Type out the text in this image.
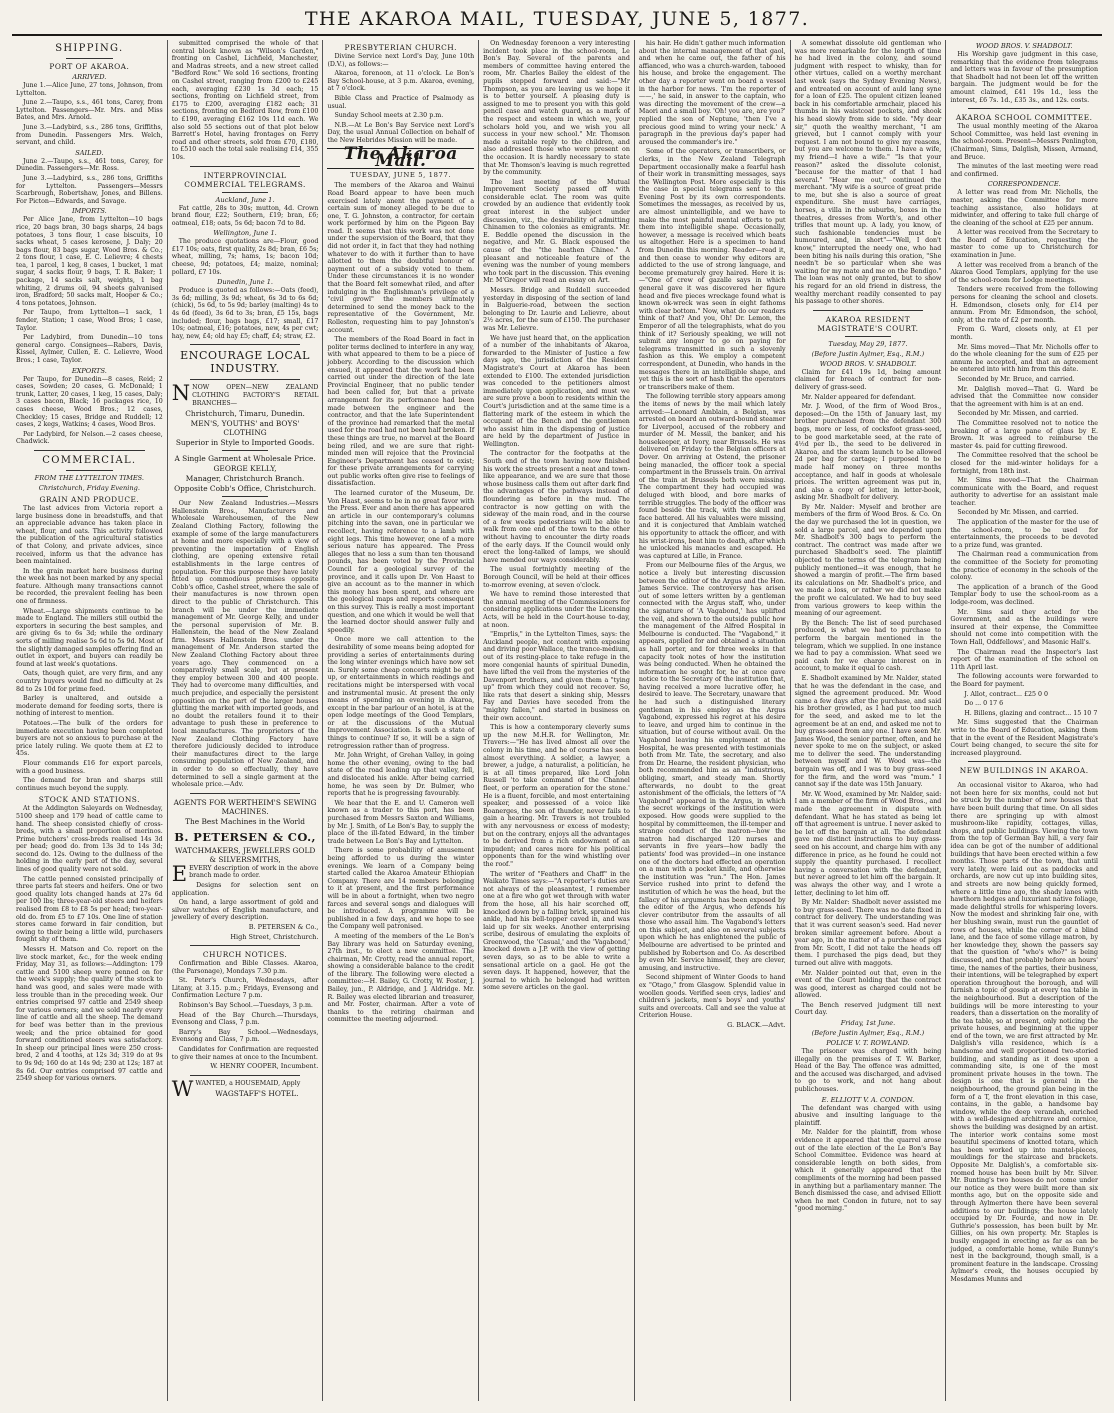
THE AKAROA MAIL, TUESDAY, JUNE 5, 1877.
SHIPPING.
PORT OF AKAROA.
ARRIVED.

June 1.—Alice June, 27 tons, Johnson, from Lyttelton.

June 2.—Taupo, s.s., 461 tons, Carey, from Lyttelton. Passengers—Mr. Mrs. and Miss Bates, and Mrs. Arnold.

June 3.—Ladybird, s.s., 286 tons, Griffiths, from Dunedin. Passengers Mrs. Welch, servant, and child.

SAILED.

June 2.—Taupo, s.s., 461 tons, Carey, for Dunedin. Passengers—Mr. Ross.

June 3.—Ladybird, s.s., 286 tons, Griffiths for Lyttelton. Passengers—Messrs Scarbrough, Robertshaw, Jones, and Billens. For Picton—Edwards, and Savage.

IMPORTS.

Per Alice Jane, from Lyttelton—10 bags rice, 20 bags bran, 30 bags sharps, 24 bags potatoes, 3 tons flour, 1 case biscuits, 10 sacks wheat, 5 cases kerosene, J. Daly; 20 bags flour, 83 bags sugar, Wood Bros. & Co.; 2 tons flour, 1 case, E. C. Lelievre; 4 chests tea, 1 parcel, 1 keg, 8 cases, 1 bucket, 1 mat sugar, 4 sacks flour, 9 bags, T. R. Baker; 1 package, 14 sacks salt, weights, 1 bag whiting, 2 drums oil, 94 sheets galvanised iron, Bradford; 50 sacks malt, Hooper & Co.; 4 tons potatoes, Johnson.

Per Taupo, from Lyttelton—1 sack, 1 fender, Station; 1 case, Wood Bros; 1 case, Taylor.

Per Ladybird, from Dunedin—10 tons general cargo. Consignees—Rabers, Davis, Kissel, Aylmer, Cullen, E. C. Lelievre, Wood Bros.; 1 case, Taylor.

EXPORTS.

Per Taupo, for Dunedin—8 cases, Reid; 2 cases, Sowden; 20 cases, G. McDonald; 1 trunk, Latter, 20 cases, 1 keg, 15 cases, Daly; 3 cases bacon, Black; 16 packages rice, 10 cases cheese, Wood Bros.; 12 cases, Checkley; 15 cases, Bridge and Ruddell; 12 cases, 2 kegs, Watkins; 4 cases, Wood Bros.

Per Ladybird, for Nelson.—2 cases cheese, Chadwick.

COMMERCIAL.
FROM THE LYTTELTON TIMES.
Christchurch, Friday Evening.
GRAIN AND PRODUCE.

The last advices from Victoria report a large business done in breadstuffs, and that an appreciable advance has taken place in wheat, flour, and oats. This activity followed the publication of the agricultural statistics of that Colony, and private advices, since received, inform us that the advance has been maintained.

In the grain market here business during the week has not been marked by any special feature. Although many transactions cannot be recorded, the prevalent feeling has been one of firmness.

Wheat.—Large shipments continue to be made to England. The millers still outbid the exporters in securing the best samples, and are giving 6s to 6s 3d; while the ordinary sorts of milling realise 5s 6d to 5s 9d. Most of the slightly damaged samples offering find an outlet in export, and buyers can readily be found at last week's quotations.

Oats, though quiet, are very firm, and any country buyers would find no difficulty at 2s 8d to 2s 10d for prime feed.

Barley is unaltered, and outside a moderate demand for feeding sorts, there is nothing of interest to mention.

Potatoes.—The bulk of the orders for immediate execution having been completed buyers are not so anxious to purchase at the price lately ruling. We quote them at £2 to 45s.

Flour commands £16 for export parcels, with a good business.

The demand for bran and sharps still continues much beyond the supply.

STOCK AND STATIONS.

At the Addington Saleyards on Wednesday, 5100 sheep and 179 head of cattle came to hand. The sheep consisted chiefly of cross-breds, with a small proportion of merinos. Prime butchers' cross-breds realised 14s 3d per head; good do. from 13s 3d to 14s 3d; second do. 12s. Owing to the dullness of the holding in the early part of the day, several lines of good quality were not sold.

The cattle penned consisted principally of three parts fat steers and heifers. One or two good quality lots changed hands at 27s 6d per 100 lbs; three-year-old steers and heifers realised from £8 to £8 5s per head; two-year-old do. from £5 to £7 10s. One line of station stores came forward in fair condition, but owing to their being a little wild, purchasers fought shy of them.

Messrs H. Matson and Co. report on the live stock market, &c., for the week ending Friday, May 31, as follows:—Addington: 179 cattle and 5100 sheep were penned on for the week's supply; the quality of the stock to hand was good, and sales were made with less trouble than in the preceding week. Our entries comprised 97 cattle and 2549 sheep for various owners; and we sold nearly every line of cattle and all the sheep. The demand for beef was better than in the previous week; and the price obtained for good forward conditioned steers was satisfactory. In sheep our principal lines were 250 cross-bred, 2 and 4 tooths, at 12s 3d; 319 do at 9s to 9s 9d; 160 do at 14s 9d; 230 at 12s; 187 at 8s 6d. Our entries comprised 97 cattle and 2549 sheep for various owners.

submitted comprised the whole of that central block known as "Wilson's Garden," fronting on Cashel, Lichfield, Manchester, and Madras streets, and a new street called "Bedford Row." We sold 16 sections, fronting on Cashel street, ranging from £200 to £245 each, averaging £230 1s 3d each; 15 sections, fronting on Lichfield street, from £175 to £200, averaging £182 each; 31 sections, fronting on Bedford Row, from £100 to £190, averaging £162 10s 11d each. We also sold 55 sections out of that plot below Barrett's Hotel, having frontages on Ferry road and other streets, sold from £70, £180, to £510 each the total sale realising £14, 355 10s.

INTERPROVINCIAL COMMERCIAL TELEGRAMS.
Auckland, June 1.

Fat cattle, 28s to 30s; mutton, 4d. Crown brand flour, £22; Southern, £19; bran, £6; oatmeal, £18; oats, 5s 6d; bacon 7d to 8d.

Wellington, June 1.

The produce quotations are—Flour, good £17 10s; oats, first quality, 2s 8d; bran, £6 5s; wheat, milling, 7s; hams, 1s; bacon 10d; cheese, 9d; potatoes, £4; maize, nominal; pollard, £7 10s.

Dunedin, June 1.

Produce is quoted as follows:—Oats (feed), 3s 6d; milling, 3s 9d; wheat, 6s 3d to 6s 6d; (chick), 5s 6d, to 5s 9d; barley (malting) 4s to 4s 6d (feed), 3s 6d to 3s; bran, £5 15s, bags included; flour, bags bags, £17; small, £17 10s; oatmeal, £16; potatoes, new, 4s per cwt; hay, new, £4; old hay £5; chaff, £4; straw, £2.

ENCOURAGE LOCAL INDUSTRY.

NNOW OPEN—NEW ZEALAND CLOTHING FACTORY'S RETAIL BRANCHES—

Christchurch, Timaru, Dunedin.
MEN'S, YOUTHS' and BOYS' CLOTHING
Superior in Style to Imported Goods.
A Single Garment at Wholesale Price.
GEORGE KELLY,
Manager, Christchurch Branch.
Opposite Cobb's Office, Christchurch.

Our New Zealand Industries.—Messrs Hallenstein Bros., Manufacturers and Wholesale Warehousemen, of the New Zealand Clothing Factory, following the example of some of the large manufacturers at home and more especially with a view of preventing the importation of English clothing, are opening extensive retail establishments in the large centres of population. For this purpose they have lately fitted up commodious premises opposite Cobb's office, Cashel street, where the sale of their manufactures is now thrown open direct to the public of Christchurch. This branch will be under the immediate management of Mr. George Kelly, and under the personal supervision of Mr. B. Hallenstein, the head of the New Zealand firm. Messrs Hallenstein Bros. under the management of Mr. Anderson started the New Zealand Clothing Factory about three years ago. They commenced on a comparatively small scale, but at present they employ between 300 and 400 people. They had to overcome many difficulties, and much prejudice, and especially the persistent opposition on the part of the larger houses glutting the market with imported goods, and no doubt the retailers found it to their advantage to push these in preference to local manufactures. The proprietors of the New Zealand Clothing Factory have therefore judiciously decided to introduce their manufactures direct to the large consuming population of New Zealand, and in order to do so effectually, they have determined to sell a single garment at the wholesale price.—Adv.

AGENTS FOR WERTHEIM'S SEWING MACHINES.
The Best Machines in the World
B. PETERSEN & CO.,
WATCHMAKERS, JEWELLERS GOLD & SILVERSMITHS,

EEVERY description of work in the above branch made to order.

Designs for selection sent on application.

On hand, a large assortment of gold and silver watches of English manufacture, and jewellery of every description.

B. PETERSEN & Co.,
High Street, Christchurch.
CHURCH NOTICES.

Confirmation and Bible Classes. Akaroa, (the Parsonage), Mondays 7.30 p.m.

St. Peter's Church, Wednesdays, after Litany, at 3.15. p.m.; Fridays, Evensong and Confirmation Lecture 7 p.m.

Robinson's Bay School.—Tuesdays, 3 p.m.

Head of the Bay Church.—Thursdays, Evensong and Class, 7 p.m.

Barry's Bay School.—Wednesdays, Evensong and Class, 7 p.m.

Candidates for Confirmation are requested to give their names at once to the Incumbent.

W. HENRY COOPER, Incumbent.

WWANTED, a HOUSEMAID, Apply

WAGSTAFF'S HOTEL.
PRESBYTERIAN CHURCH.

Divine Service next Lord's Day, June 10th (D.V.), as follows:—

Akaroa, forenoon, at 11 o'clock. Le Bon's Bay School-house, at 3 p.m. Akaroa, evening, at 7 o'clock.

Bible Class and Practice of Psalmody as usual.

Sunday School meets at 2.30 p.m.

N.B.—At Le Bon's Bay Service next Lord's Day, the usual Annual Collection on behalf of the New Hebrides Mission will be made.

The Akaroa Mail.
TUESDAY, JUNE 5, 1877.

The members of the Akaroa and Wainui Road Board appear to have been much exercised lately anent the payment of a certain sum of money alleged to be due to one, T. G. Johnston, a contractor, for certain work performed by him on the Pigeon Bay road. It seems that this work was not done under the supervision of the Board, that they did not order it, in fact that they had nothing whatever to do with it further than to have allotted to them the doubtful honour of payment out of a subsidy voted to them. Under these circumstances it is no wonder that the Board felt somewhat riled, and after indulging in the Englishman's privilege of a "civil growl" the members ultimately determined to send the money back to the representative of the Government, Mr. Rolleston, requesting him to pay Johnston's account.

The members of the Road Board in fact in politer terms declined to interfere in any way, with what appeared to them to be a piece of jobbery. According to the discussion which ensued, it appeared that the work had been carried out under the direction of the late Provincial Engineer, that no public tender had been called for, but that a private arrangement for its performance had been made between the engineer and the contractor, and that the late Superintendent of the province had remarked that the metal used for the road had not been half broken. If these things are true, no marvel at the Board being riled, and we are sure that right-minded men will rejoice that the Provincial Engineer's Department has ceased to exist; for these private arrangements for carrying out public works often give rise to feelings of dissatisfaction.

The learned curator of the Museum, Dr. Von Haast, seems to be in no great favor with the Press. Ever and anon there has appeared an article in our contemporary's columns pitching into the savan, one in particular we recollect, having reference to a lamb with eight legs. This time however, one of a more serious nature has appeared. The Press alleges that no less a sum than ten thousand pounds, has been voted by the Provincial Council for a geological survey of the province, and it calls upon Dr. Von Haast to give an account as to the manner in which this money has been spent, and where are the geological maps and reports consequent on this survey. This is really a most important question, and one which it would be well that the learned doctor should answer fully and speedily.

Once more we call attention to the desirability of some means being adopted for providing a series of entertainments during the long winter evenings which have now set in. Surely some cheap concerts might be got up, or entertainments in which readings and recitations might be interspersed with vocal and instrumental music. At present the only means of spending an evening in Akaroa, except in the bar parlour of an hotel, is at the open lodge meetings of the Good Templars, or at the discussions of the Mutual Improvement Association. Is such a state of things to continue? If so, it will be a sign of retrogression rather than of progress.

Mr. John Wright, of Grehan Valley, in going home the other evening, owing to the bad state of the road leading up that valley, fell, and dislocated his ankle. After being carried home, he was seen by Dr. Bulmer, who reports that he is progressing favourably.

We hear that the E. and U. Cameron well known as a trader to this port, has been purchased from Messrs Saxton and Williams, by Mr. J. Smith, of Le Bon's Bay, to supply the place of the ill-fated Edward, in the timber trade between Le Bon's Bay and Lyttelton.

There is some probability of amusement being afforded to us during the winter evenings. We learn of a Company being started called the Akaroa Amateur Ethiopian Company. There are 14 members belonging to it at present, and the first performance will be in about a fortnight, when two negro farces and several songs and dialogues will be introduced. A programme will be published in a few days, and we hope to see the Company well patronised.

A meeting of the members of the Le Bon's Bay library was held on Saturday evening, 27th inst., to elect a new committee. The chairman, Mr. Crotty, read the annual report, showing a considerable balance to the credit of the library. The following were elected a committee:—H. Bailey, G. Crotty, W. Foster, J. Bailey, jun., P. Aldridge, and J. Aldridge. Mr. R. Bailey was elected librarian and treasurer, and Mr. Foster, chairman. After a vote of thanks to the retiring chairman and committee the meeting adjourned.

On Wednesday forenoon a very interesting incident took place in the school-room, Le Bon's Bay. Several of the parents and members of committee having entered the room, Mr. Charles Bailey the eldest of the pupils stepped forward and said:—"Mr Thompson, as you are leaving us we hope it is to better yourself. A pleasing duty is assigned to me to present you with this gold pencil case and watch guard, as a mark of the respect and esteem in which we, your scholars hold you, and we wish you all success in your new school." Mr. Thomson made a suitable reply to the children, and also addressed those who were present on the occasion. It is hardly necessary to state that Mr. Thomson's leaving is much regretted by the community.

The last meeting of the Mutual Improvement Society passed off with considerable eclat. The room was quite crowded by an audience that evidently took great interest in the subject under discussion, viz., the desirability of admitting Chinamen to the colonies as emigrants. Mr. E. Beddle opened the discussion in the negative, and Mr. G. Black espoused the cause of the "the heathen Chinee." A pleasant and noticeable feature of the evening was the number of young members who took part in the discussion. This evening Mr. M'Gregor will read an essay on Art.

Messrs. Bridge and Ruddell succeeded yesterday in disposing of the section of land in Balguerie-road, between the section belonging to Dr. Laurie and Lelievre, about 2½ acres, for the sum of £150. The purchaser was Mr. Lelievre.

We have just heard that, on the application of a number of the inhabitants of Akaroa, forwarded to the Minister of Justice a few days ago, the jurisdiction of the Resident Magistrate's Court at Akaroa has been extended to £100. The extended jurisdiction was conceded to the petitioners almost immediately upon application, and must we are sure prove a boon to residents within the Court's jurisdiction and at the same time is a flattering mark of the esteem in which the occupant of the Bench and the gentlemen who assist him in the dispensing of justice are held by the department of Justice in Wellington.

The contractor for the footpaths at the South end of the town having now finished his work the streets present a neat and town-like appearance, and we are sure that those whose business calls them out after dark find the advantages of the pathways instead of floundering as before in the mud. The contractor is now getting on with the sideway of the main road, and in the course of a few weeks pedestrians will be able to walk from one end of the town to the other without having to encounter the dirty roads of the early days. If the Council would only erect the long-talked of lamps, we should have mended our ways considerably.

The usual fortnightly meeting of the Borough Council, will be held at their offices to-morrow evening, at seven o'clock.

We have to remind those interested that the annual meeting of the Commissioners for considering applications under the Licensing Acts, will be held in the Court-house to-day, at noon.

"Emprlis," in the Lyttelton Times, says: the Auckland people, not content with exposing and driving poor Wallace, the trance-medium, out of its resting-place to take refuge in the more congenial haunts of spiritual Dunedin, have lifted the veil from the mysteries of the Davenport brothers, and given them a "tying up" from which they could not recover. So, like rats that desert a sinking ship, Messrs Fay and Davies have seceded from the "mighty fallen," and started in business on their own account.

This is how a contemporary cleverly sums up the new M.H.R. for Wellington, Mr. Travers:—"He has lived almost all over the colony in his time, and he of course has seen almost everything. A soldier, a lawyer, a brewer, a judge, a naturalist, a politician, he is at all times prepared, like Lord John Russell 'to take command of the Channel fleet, or perform an operation for the stone.' He is a fluent, forcible, and most entertaining speaker, and possessed of a voice like Boanerges, the son of thunder, never fails to gain a hearing. Mr. Travers is not troubled with any nervousness or excess of modesty; but on the contrary, enjoys all the advantages to be derived from a rich endowment of an impudent; and cares more for his political opponents than for the wind whistling over the roof."

The writer of "Feathers and Chaff" in the Waikato Times says:—"A reporter's duties are not always of the pleasantest, I remember one at a fire who got wet through with water from the hose, all his hair scorched off, knocked down by a falling brick, sprained his ankle, had his bell-topper caved in, and was laid up for six weeks. Another enterprising scribe, desirous of emulating the exploits of Greenwood, the 'Casual,' and the 'Vagabond,' knocked down a J.P. with the view of getting seven days, so as to be able to write a sensational article on a gaol. He got the seven days. It happened, however, that the journal to which he belonged had written some severe articles on the gaol.

his hair. He didn't gather much information about the internal management of that gaol, and when he came out, the father of his affianced, who was a church-warden, tabooed his house, and broke the engagement. The other day a reporter went on board a vessel in the harbor for news. 'I'm the reporter of——,' he said, in answer to the captain, who was directing the movement of the crew—a Maori and a small boy. 'Oh! you are, are you?' replied the son of Neptune, 'then I've a precious good mind to wring your neck.' A paragraph in the previous day's paper had aroused the commander's ire."

Some of the operators, or transcribers, or clerks, in the New Zealand Telegraph Department occasionally make a fearful hash of their work in transmitting messages, says the Wellington Post. More especially is this the case in special telegrams sent to the Evening Post by its own correspondents. Sometimes the messages, as received by us, are almost unintelligible, and we have to make the most painful mental efforts to put them into intelligible shape. Occasionally, however, a message is received which beats us altogether. Here is a specimen to hand from Dunedin this morning. Reader—read it, and then cease to wonder why editors are addicted to the use of strong language, and become prematurely grey haired. Here it is:—"One of crew of gazalle says in which general gave it was discovered her figure head and five pieces wreckage found what is known ok-wreck was seen in eight fathoms with clear bottom." Now, what do our readers think of that? And you, Oh! Dr. Lemon, the Emperor of all the telegraphists, what do you think of it? Seriously speaking, we will not submit any longer to go on paying for telegrams transmitted in such a slovenly fashion as this. We employ a competent correspondent, at Dunedin, who hands in the messages there in an intelligible shape, and yet this is the sort of hash that the operators or transcribers make of them.

The following terrible story appears among the items of news by the mail which lately arrived:—Leonard Amblain, a Belgian, was arrested on board an outward-bound steamer for Liverpool, accused of the robbery and murder of M. Messil, the banker, and his housekeeper, at Ivory, near Brussels. He was delivered on Friday to the Belgian officers at Dover. On arriving at Ostend, the prisoner being manacled, the officer took a special compartment in the Brussels train. On arrival of the train at Brussels both were missing. The compartment they had occupied was deluged with blood, and bore marks of terrible struggles. The body of the officer was found beside the track, with the skull and face battered. All his valuables were missing, and it is conjectured that Amblain watched his opportunity to attack the officer, and with his wrist-irons, beat him to death, after which he unlocked his manacles and escaped. He was captured at Lille, in France.

From our Melbourne files of the Argus, we notice a lively but interesting discussion between the editor of the Argus and the Hon. James Service. The controversy has arisen out of some letters written by a gentleman connected with the Argus staff, who, under the signature of 'A Vagabond,' has uplifted the veil, and shown to the outside public how the management of the Alfred Hospital in Melbourne is conducted. The "Vagabond," it appears, applied for and obtained a situation as hall porter, and for three weeks in that capacity took notes of how the institution was being conducted. When he obtained the information he sought for, he at once gave notice to the Secretary of the institution that, having received a more lucrative offer, he desired to leave. The Secretary, unaware that he had such a distinguished literary gentleman in his employ as the Argus Vagabond, expressed his regret at his desire to leave, and urged him to continue in the situation, but of course without avail. On the Vagabond leaving his employment at the Hospital, he was presented with testimonials both from Mr. Tate, the secretary, and also from Dr. Hearne, the resident physician, who both recommended him as an "industrious, obliging, smart, and steady man. Shortly afterwards, no doubt to the great astonishment of the officials, the letters of "A Vagabond" appeared in the Argus, in which the secret workings of the institution were exposed. How goods were supplied to the hospital by committeemen, the ill-temper and strange conduct of the matron—how the matron had discharged 120 nurses and servants in five years—how badly the patients' food was provided—in one instance one of the doctors had effected an operation on a man with a pocket knife, and otherwise the institution was "run." The Hon. James Service rushed into print to defend the institution of which he was the head, but the fallacy of his arguments has been exposed by the editor of the Argus, who defends his clever contributor from the assaults of all those who assail him. The Vagabond's letters on this subject, and also on several subjects upon which he has enlightened the public of Melbourne are advertised to be printed and published by Robertson and Co. As described by even Mr. Service himself, they are clever, amusing, and instructive.

Second shipment of Winter Goods to hand ex "Otago," from Glasgow. Splendid value in woollen goods. Verified seen crys, ladies' and children's jackets, men's boys' and youths' suits and overcoats. Call and see the value at Criterion House.

G. BLACK.—Advt.

A somewhat dissolute old gentleman who was more remarkable for the length of time he had lived in the colony, and sound judgment with respect to whisky, than for other virtues, called on a worthy merchant last week (says the Sydney Evening News), and entreated on account of auld lang syne for a loan of £25. The opulent citizen leaned back in his comfortable armchair, placed his thumbs in his waistcoat pockets, and shook his head slowly from side to side. "My dear sir," quoth the wealthy merchant, "I am grieved, but I cannot comply with your request. I am not bound to give my reasons, but you are welcome to them. I have a wife, my friend—I have a wife." "Is that your reason?" asked the dissolute colonist, "because for the matter of that I had several." "Hear me out," continued the merchant. "My wife is a source of great pride to me, but she is also a source of great expenditure. She must have carriages, horses, a villa in the suburbs, boxes in the theatres, dresses from Worth's, and other trifles that mount up. A lady, you know, of such fashionable tendencies must be humoured, and, in short"—"Well, I don't know," interrupted the needy one, who had been biting his nails during this oration, "She needn't be so particular when she was waiting for my mate and me on the Bendigo." The loan was not only granted, but to show his regard for an old friend in distress, the wealthy merchant readily consented to pay his passage to other shores.

AKAROA RESIDENT MAGISTRATE'S COURT.
Tuesday, May 29, 1877.
(Before Justin Aylmer, Esq., R.M.)
WOOD BROS. V. SHADBOLT.

Claim for £41 19s 1d, being amount claimed for breach of contract for non-delivery of grass-seed.

Mr. Nalder appeared for defendant.

Mr. J. Wood, of the firm of Wood Bros., deposed:—On the 15th of January last, my brother purchased from the defendant 300 bags, more or less, of cocksfoot grass-seed, to be good marketable seed, at the rate of 4½d per lb., the seed to be delivered in Akaroa, and the steam launch to be allowed 2d per bag for cartage; I purposed to be made half money on three months acceptance, and half in goods at wholesale prices. The written agreement was put in, and also a copy of letter, in letter-book, asking Mr. Shadbolt for delivery.

By Mr. Nalder: Myself and brother are members of the firm of Wood Bros. & Co. On the day we purchased the lot in question, we sold a large parcel, and we depended upon Mr. Shadbolt's 300 bags to perform the contract. The contract was made after we purchased Shadbolt's seed. The plaintiff objected to the terms of the telegram being publicly mentioned—it was enough, that he showed a margin of profit.—The firm based its calculations on Mr. Shadbolt's price, and we made a loss, or rather we did not make the profit we calculated. We had to buy seed from various growers to keep within the meaning of our agreement.

By the Bench: The list of seed purchased produced, is what we had to purchase to perform the bargain mentioned in the telegram, which we supplied. In one instance we had to pay a commission. What seed we paid cash for we charge interest on in account, to make it equal to cash.

E. Shadbolt examined by Mr. Nalder, stated that he was the defendant in the case, and signed the agreement produced. Mr. Wood came a few days after the purchase, and said his brother growled, as I had put too much for the seed, and asked me to let the agreement be at an end, and asked me not to buy grass-seed from any one. I have seen Mr. James Wood, the senior partner, often, and he never spoke to me on the subject, or asked me to deliver the seed. The understanding between myself and W. Wood was—the bargain was off, and I was to buy grass-seed for the firm, and the word was "mum." I cannot say if the date was 15th January.

Mr. W. Wood, examined by Mr. Nalder, said: I am a member of the firm of Wood Bros., and made the agreement in dispute with defendant. What he has stated as being let off that agreement is untrue. I never asked to be let off the bargain at all. The defendant gave me distinct instructions to buy grass-seed on his account, and charge him with any difference in price, as he found he could not supply the quantity purchased. I recollect having a conversation with the defendant, but never agreed to let him off the bargain. It was always the other way, and I wrote a letter, declining to let him off.

By Mr. Nalder: Shadbolt never assisted me to buy grass-seed. There was no date fixed in contract for delivery. The understanding was that it was current season's seed. Had never broken similar agreement before. About a year ago, in the matter of a purchase of pigs from Mr. Scott, I did not take the heads off them. I purchased the pigs dead, but they turned out alive with maggots.

Mr. Nalder pointed out that, even in the event of the Court holding that the contract was good, interest as charged could not be allowed.

The Bench reserved judgment till next Court day.

Friday, 1st June.
(Before Justin Aylmer, Esq., R.M.)
POLICE V. T. ROWLAND.

The prisoner was charged with being illegally on the premises of T. W. Barker, Head of the Bay. The offence was admitted, and the accused was discharged, and advised to go to work, and not hang about publichouses.

E. ELLIOTT V. A. CONDON.

The defendant was charged with using abusive and insulting language to the plaintiff.

Mr. Nalder for the plaintiff, from whose evidence it appeared that the quarrel arose out of the late election of the Le Bon's Bay School Committee. Evidence was heard at considerable length on both sides, from which it generally appeared that the compliments of the morning had been passed in anything but a parliamentary manner. The Bench dismissed the case, and advised Elliott when he met Condon in future, not to say "good morning."

WOOD BROS. V. SHADBOLT.

His Worship gave judgment in this case, remarking that the evidence from telegrams and letters was in favour of the presumption that Shadbolt had not been let off the written bargain. The judgment would be for the amount claimed, £41 19s 1d., less the interest, £6 7s. 1d., £35 3s., and 12s. costs.

AKAROA SCHOOL COMMITTEE.

The usual monthly meeting of the Akaroa School Committee, was held last evening in the school-room. Present—Messrs Penlington, (Chairman), Sims, Dalglish, Missen, Armand, and Bruce.

The minutes of the last meeting were read and confirmed.

CORRESPONDENCE.

A letter was read from Mr. Nicholls, the master, asking the Committee for more teaching assistance, also holidays at midwinter, and offering to take full charge of the cleaning of the school at £25 per annum.

A letter was received from the Secretary to the Board of Education, requesting the master to come up to Christchurch for examination in June.

A letter was received from a branch of the Akaroa Good Templars, applying for the use of the school-room for Lodge meetings.

Tenders were received from the following persons for cleaning the school and closets. H. Edmondson, closets only, for £14 per annum. From Mr. Edmondson, the school, only, at the rate of £2 per month.

From G. Ward, closets only, at £1 per month.

Mr. Sims moved—That Mr. Nicholls offer to do the whole cleaning for the sum of £25 per annum be accepted, and that an agreement be entered into with him from this date.

Seconded by Mr. Bruce, and carried.

Mr. Dalglish moved—That G. Ward be advised that the Committee now consider that the agreement with him is at an end.

Seconded by Mr. Missen, and carried.

The Committee resolved not to notice the breaking of a large pane of glass by E. Brown. It was agreed to reimburse the master 4s. paid for cutting firewood.

The Committee resolved that the school be closed for the mid-winter holidays for a fortnight, from 18th inst.

Mr. Sims moved—That the Chairman communicate with the Board, and request authority to advertise for an assistant male teacher.

Seconded by Mr. Missen, and carried.

The application of the master for the use of the school-room, to be used for entertainments, the proceeds to be devoted to a prize fund, was granted.

The Chairman read a communication from the committee of the Society for promoting the practice of economy in the schools of the colony.

The application of a branch of the Good Templar body to use the school-room as a lodge-room, was declined.

Mr. Sims said they acted for the Government, and as the buildings were insured at their expense, the Committee should not come into competition with the Town Hall, Oddfellows', and Masonic Hall's.

The Chairman read the Inspector's last report of the examination of the school on 11th April last.

The following accounts were forwarded to the Board for payment.

J. Allot, contract... £25 0 0

Do ... 0 17 6

H. Billens, glazing and contract... 15 10 7

Mr. Sims suggested that the Chairman write to the Board of Education, asking them that in the event of the Resident Magistrate's Court being changed, to secure the site for increased playground.

NEW BUILDINGS IN AKAROA.

An occasional visitor to Akaroa, who had not been here for six months, could not but be struck by the number of new houses that have been built during that time. On all sides there are springing up with almost mushroom-like rapidity, cottages, villas, shops, and public buildings. Viewing the town from the top of German Bay hill, a very fair idea can be got of the number of additional buildings that have been erected within a few months. Those parts of the town, that until very lately, were laid out as paddocks and orchards, are now cut up into building sites, and streets are now being quickly formed, where a little time ago, the shady lanes with hawthorn hedges and luxuriant native foliage, made delightful strolls for whispering lovers. Now the modest and shrinking fair one, with her blushing swain, must run the gauntlet of rows of houses, while the corner of a blind lane, and the face of some village matron, by her knowledge they, shown the passers say that the question of "who's who?" is being discussed, and that probably before an hours' time, the names of the parties, their business, their intentions, will be telegraphed by expert operation throughout the borough, and will furnish a topic of gossip at every tea table in the neighbourhood. But a description of the buildings will be more interesting to your readers, than a dissertation on the morality of the tea table, so at present, only noticing the private houses, and beginning at the upper end of the town, we are first attracted by Mr. Dalglish's villa residence, which is a handsome and well proportioned two-storied building, and standing as it does upon a commanding site, is one of the most prominent private houses in the town. The design is one that is general in the neighbourhood, the ground plan being in the form of a T, the front elevation in this case, contains, in the gable, a handsome bay window, while the deep verandah, enriched with a well-designed architrave and cornice, shows the building was designed by an artist. The interior work contains some most beautiful specimens of knotted totara, which has been worked up into mantel-pieces, mouldings for the staircase and brackets. Opposite Mr. Dalglish's, a comfortable six-roomed house has been built by Mr. Silver. Mr. Bunting's two houses do not come under our notice as they were built more than six months ago, but on the opposite side and through Aylmerton there have been several additions to our buildings; the house lately occupied by Dr. Fourde, and now in Dr. Guthrie's possession, has been built by Mr. Gillies, on his own property. Mr. Staples is busily engaged in erecting as far as can be judged, a comfortable home, while Bunny's nest in the background, though small, is a prominent feature in the landscape. Crossing Aylmer's creek, the houses occupied by Mesdames Munns and
